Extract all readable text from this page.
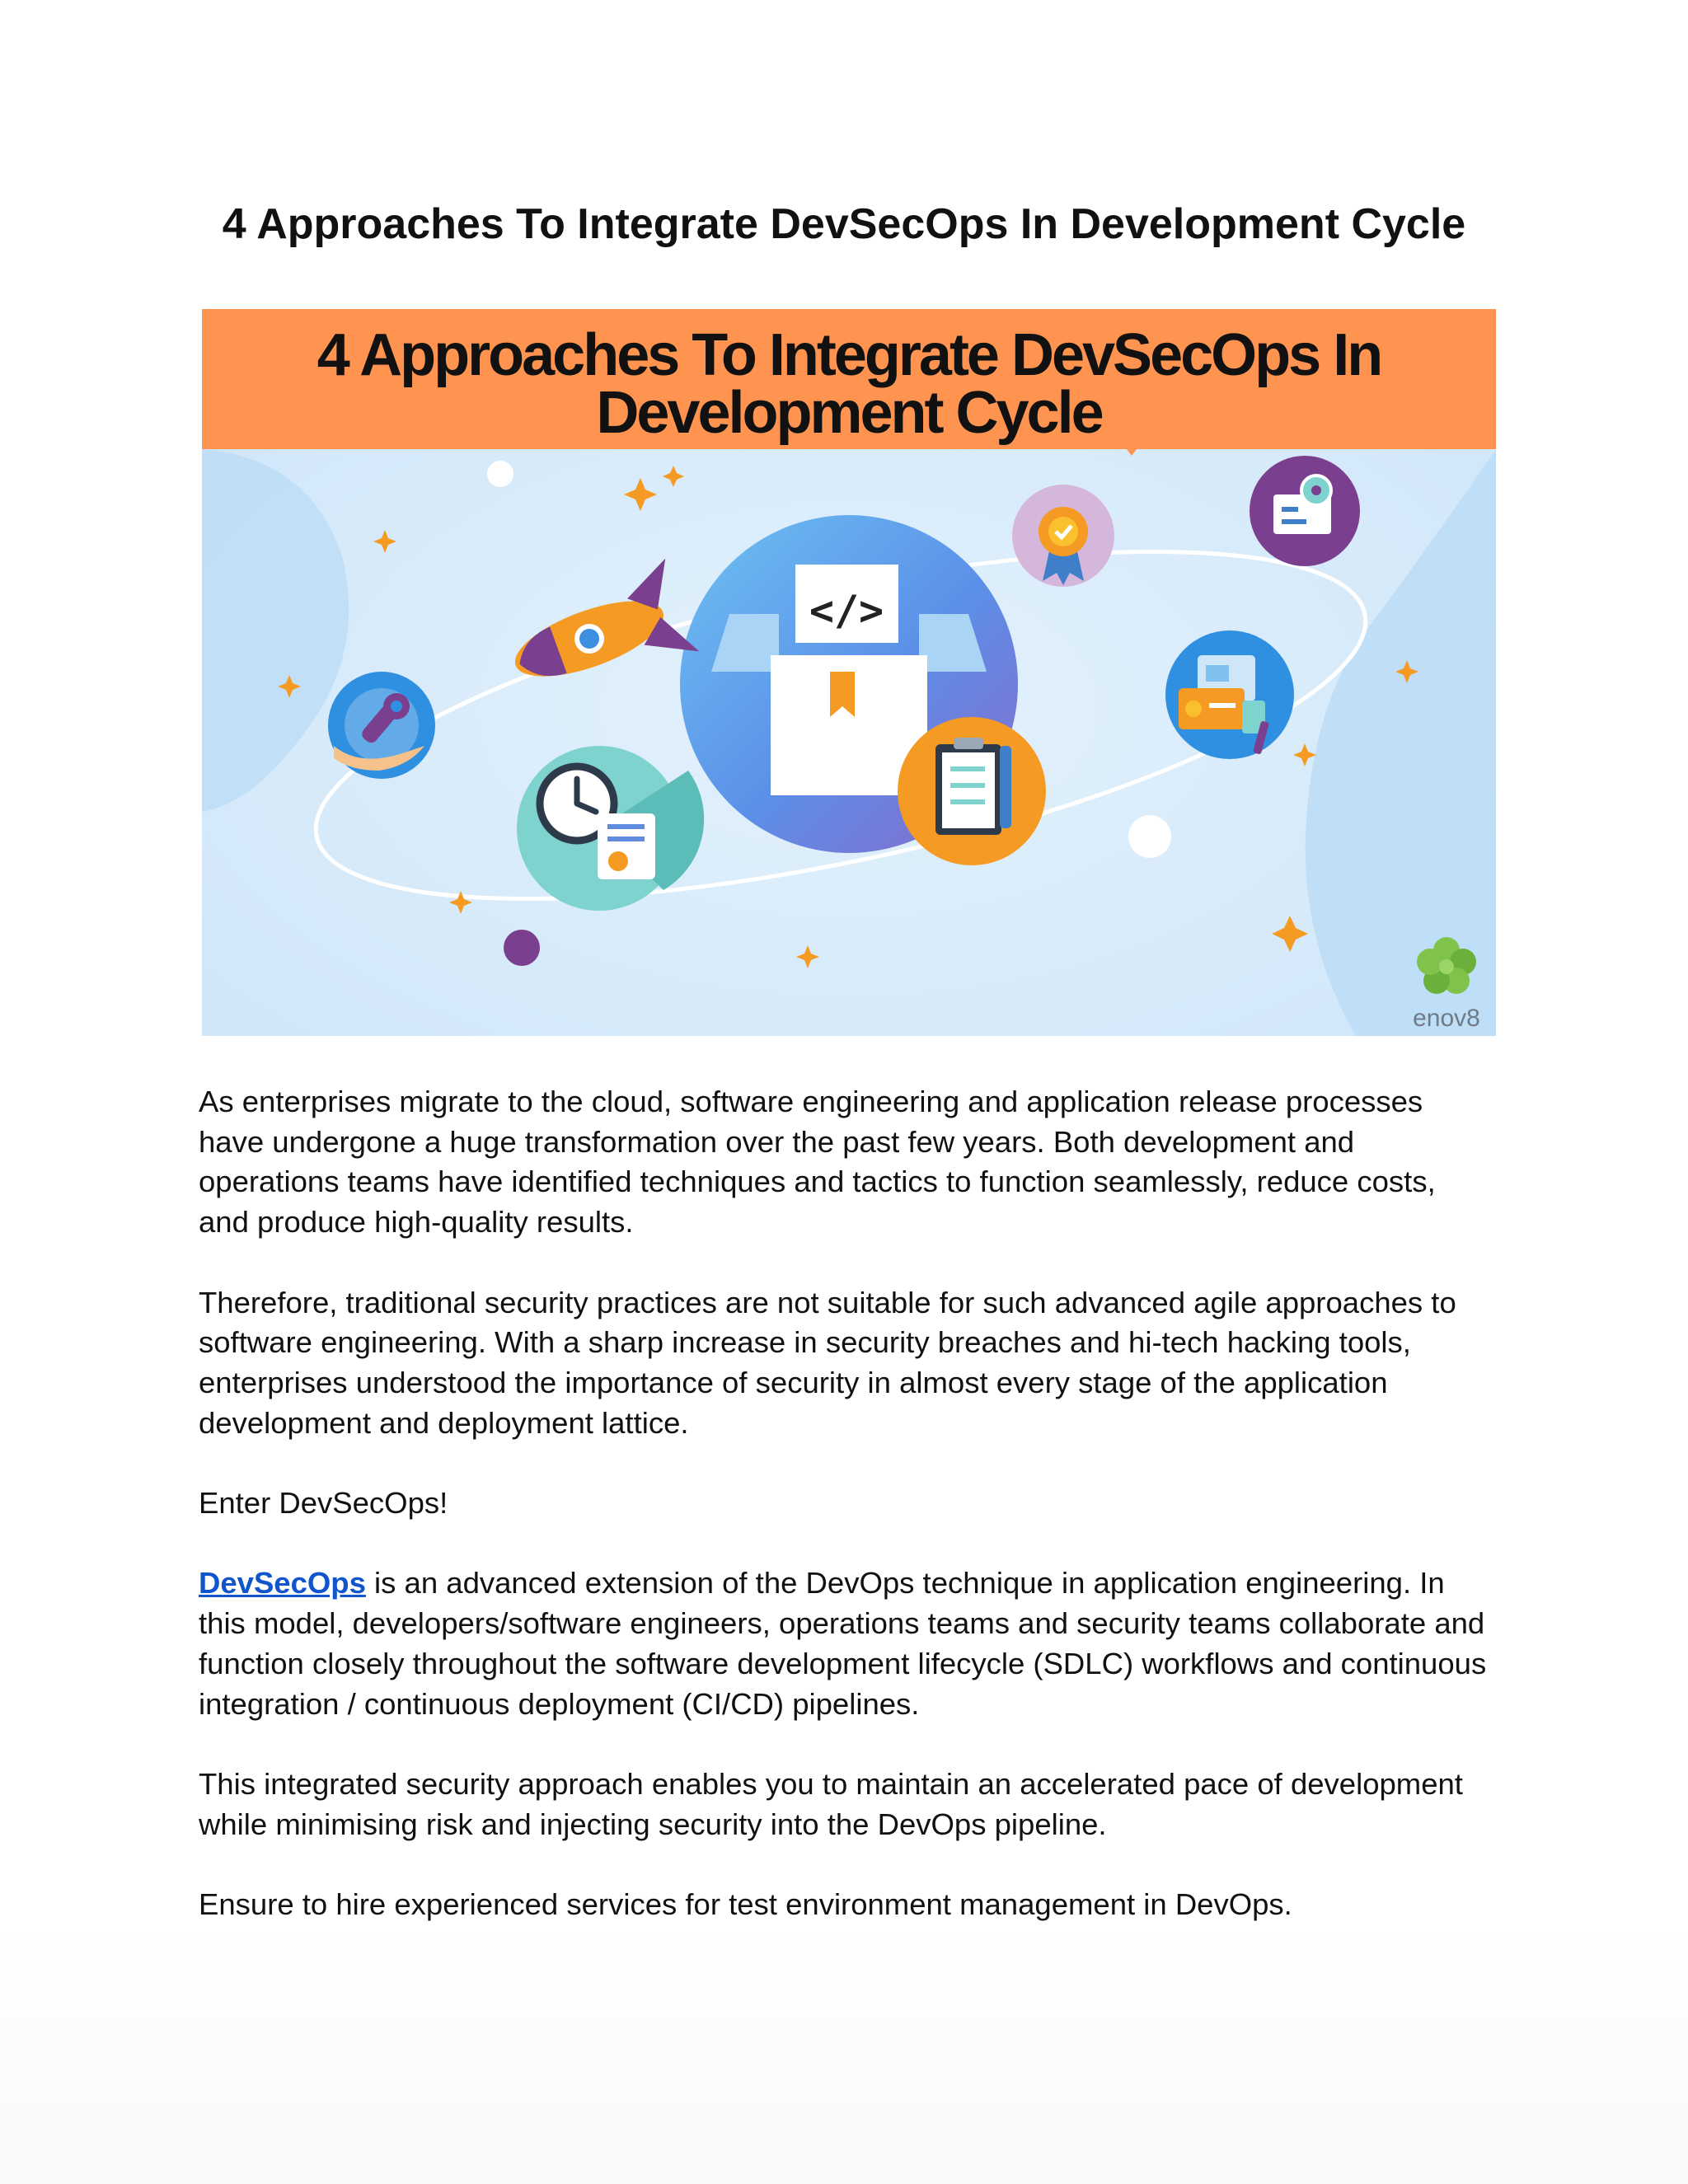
4 Approaches To Integrate DevSecOps In Development Cycle
4 Approaches To Integrate DevSecOps In
Development Cycle
</>
enov8

As enterprises migrate to the cloud, software engineering and application release processes have undergone a huge transformation over the past few years. Both development and operations teams have identified techniques and tactics to function seamlessly, reduce costs, and produce high-quality results.

Therefore, traditional security practices are not suitable for such advanced agile approaches to software engineering. With a sharp increase in security breaches and hi-tech hacking tools, enterprises understood the importance of security in almost every stage of the application development and deployment lattice.

Enter DevSecOps!

DevSecOps is an advanced extension of the DevOps technique in application engineering. In this model, developers/software engineers, operations teams and security teams collaborate and function closely throughout the software development lifecycle (SDLC) workflows and continuous integration / continuous deployment (CI/CD) pipelines.

This integrated security approach enables you to maintain an accelerated pace of development while minimising risk and injecting security into the DevOps pipeline.

Ensure to hire experienced services for test environment management in DevOps.
